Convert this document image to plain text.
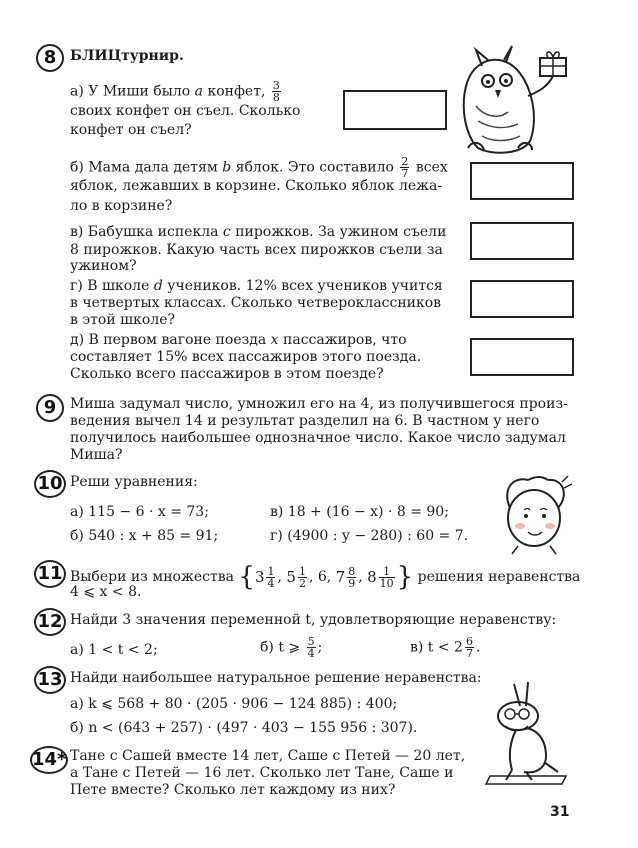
8 БЛИЦтурнир.
а) У Миши было a конфет, $\frac{3}{8}$
своих конфет он съел. Сколько
конфет он съел?
б) Мама дала детям b яблок. Это составило $\frac{2}{7}$ всех
яблок, лежавших в корзине. Сколько яблок лежа-
ло в корзине?
в) Бабушка испекла c пирожков. За ужином съели
8 пирожков. Какую часть всех пирожков съели за
ужином?
г) В школе d учеников. 12% всех учеников учится
в четвертых классах. Сколько четвероклассников
в этой школе?
д) В первом вагоне поезда x пассажиров, что
составляет 15% всех пассажиров этого поезда.
Сколько всего пассажиров в этом поезде?
9 Миша задумал число, умножил его на 4, из получившегося произ-
ведения вычел 14 и результат разделил на 6. В частном у него
получилось наибольшее однозначное число. Какое число задумал
Миша?
10 Реши уравнения:
а) 115 − 6 · x = 73;
б) 540 : x + 85 = 91;
в) 18 + (16 − x) · 8 = 90;
г) (4900 : y − 280) : 60 = 7.
11 Выбери из множества {$3 \frac{1}{4}$ , $5 \frac{1}{2}$ , 6, $7 \frac{8}{9}$ , $8 \frac{1}{10}$ } решения неравенства
4 ⩽ x < 8.
12 Найди 3 значения переменной t, удовлетворяющие неравенству:
а) 1 < t < 2;	б) t ⩾ $\frac{5}{4}$ ;	в) $t < 2 \frac{6}{7}$ .
13 Найди наибольшее натуральное решение неравенства:
а) k ⩽ 568 + 80 · (205 · 906 − 124 885) : 400;
б) n < (643 + 257) · (497 · 403 − 155 956 : 307).
14* Тане с Сашей вместе 14 лет, Саше с Петей — 20 лет,
а Тане с Петей — 16 лет. Сколько лет Тане, Саше и
Пете вместе? Сколько лет каждому из них?
31
